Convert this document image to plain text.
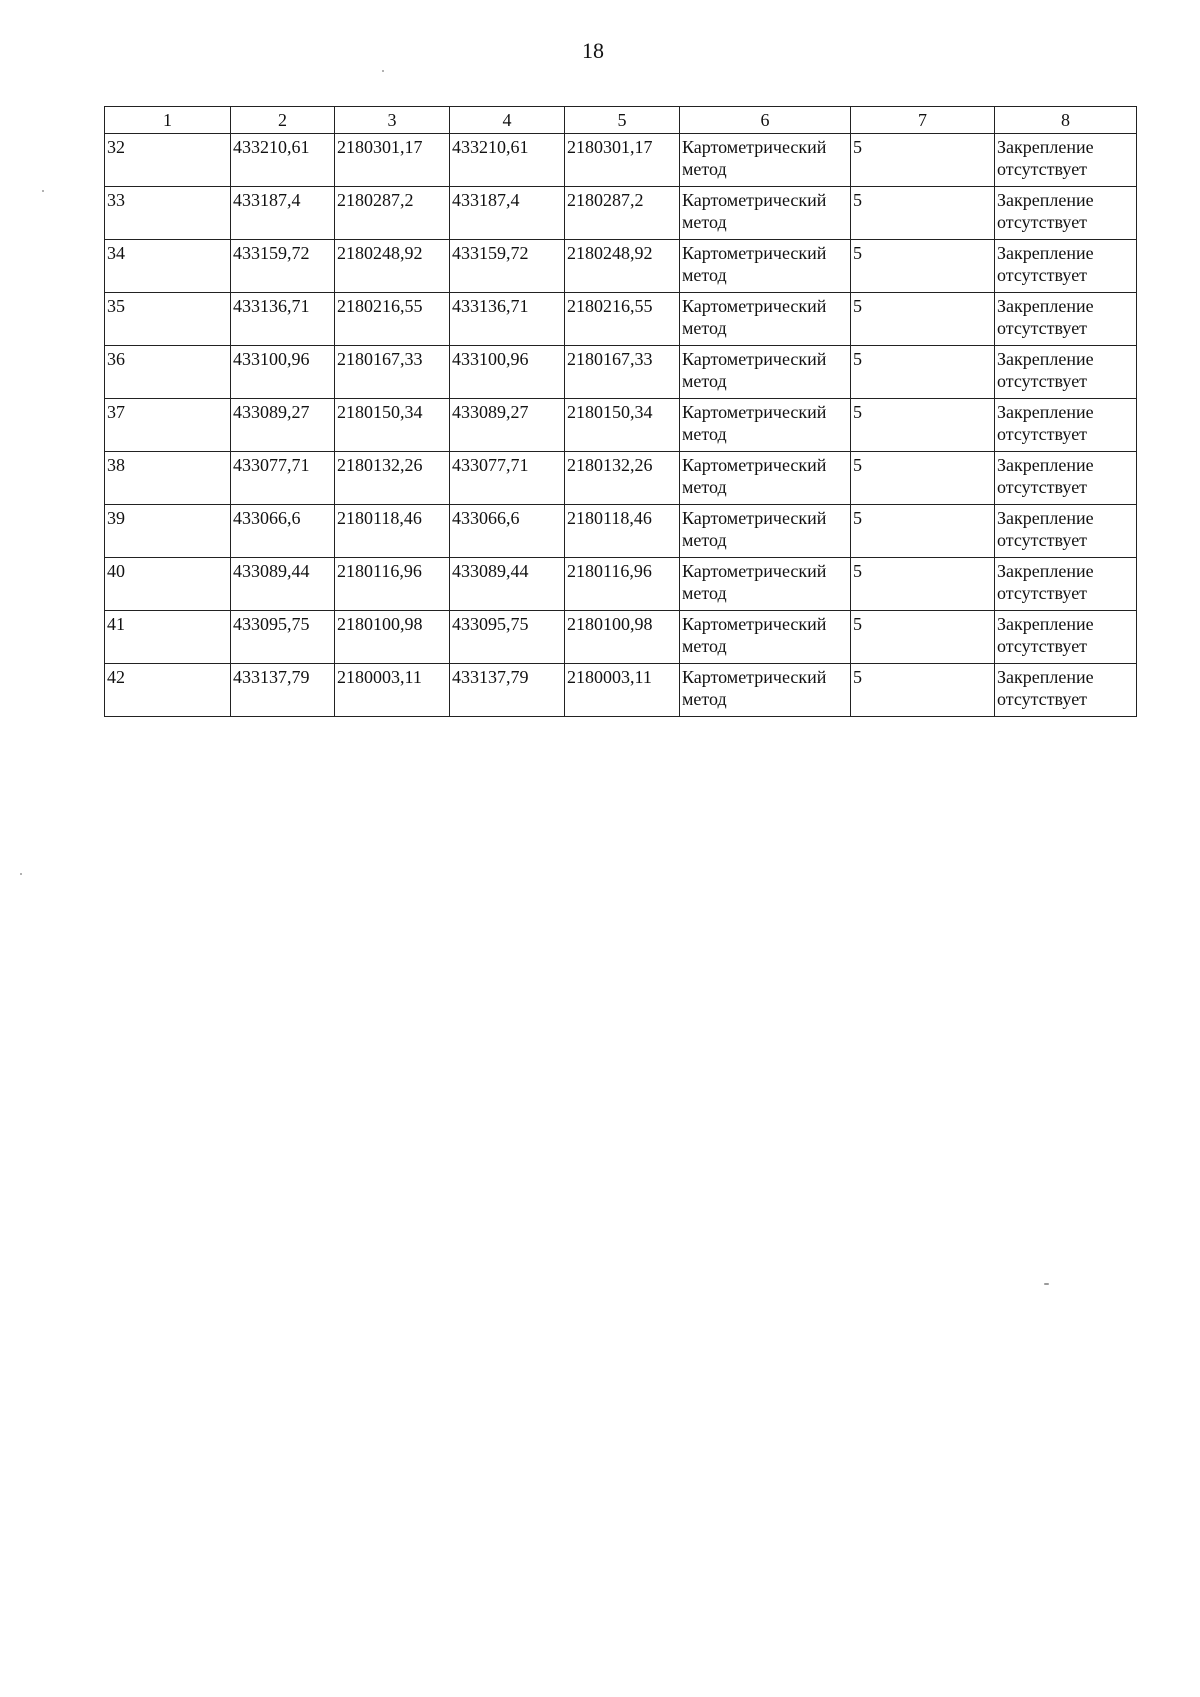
18
1	2	3	4	5	6	7	8
32	433210,61	2180301,17	433210,61	2180301,17	Картометрический метод	5	Закрепление отсутствует
33	433187,4	2180287,2	433187,4	2180287,2	Картометрический метод	5	Закрепление отсутствует
34	433159,72	2180248,92	433159,72	2180248,92	Картометрический метод	5	Закрепление отсутствует
35	433136,71	2180216,55	433136,71	2180216,55	Картометрический метод	5	Закрепление отсутствует
36	433100,96	2180167,33	433100,96	2180167,33	Картометрический метод	5	Закрепление отсутствует
37	433089,27	2180150,34	433089,27	2180150,34	Картометрический метод	5	Закрепление отсутствует
38	433077,71	2180132,26	433077,71	2180132,26	Картометрический метод	5	Закрепление отсутствует
39	433066,6	2180118,46	433066,6	2180118,46	Картометрический метод	5	Закрепление отсутствует
40	433089,44	2180116,96	433089,44	2180116,96	Картометрический метод	5	Закрепление отсутствует
41	433095,75	2180100,98	433095,75	2180100,98	Картометрический метод	5	Закрепление отсутствует
42	433137,79	2180003,11	433137,79	2180003,11	Картометрический метод	5	Закрепление отсутствует
